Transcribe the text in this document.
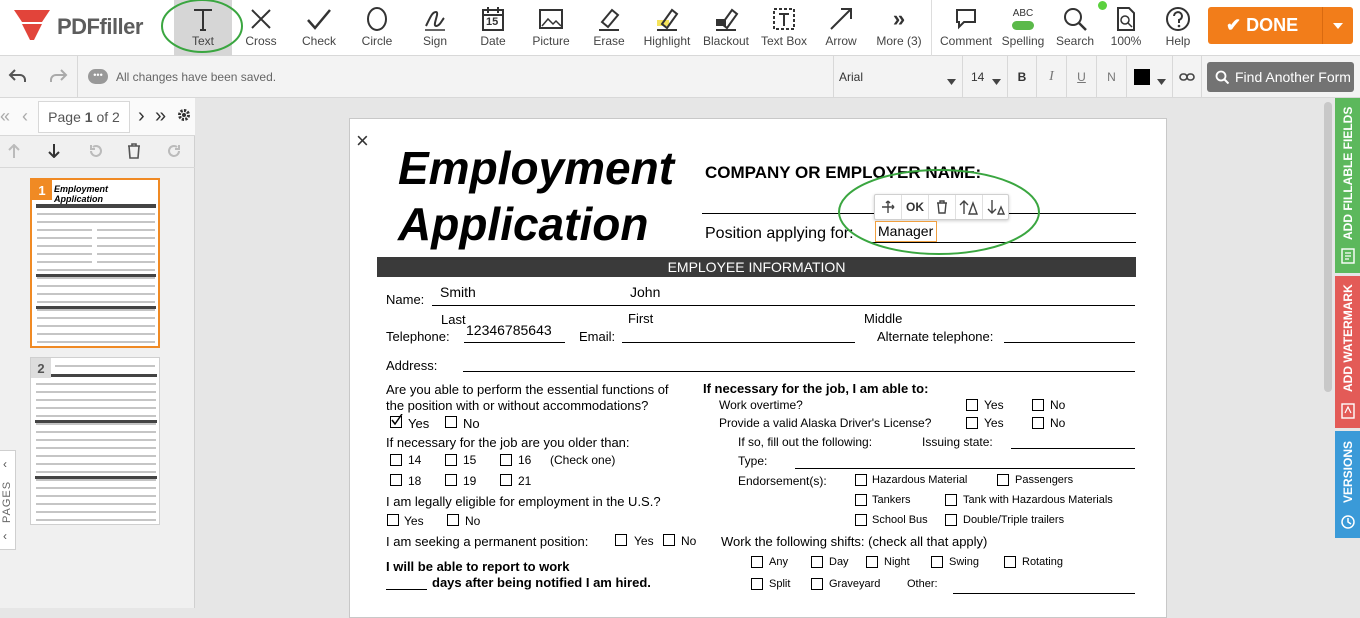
PDFfiller
Text	Cross Check Circle	Sign
15
Date Picture Erase Highlight Blackout Text Box Arrow
»
More (3) Comment
ABC
Spelling Search 100% Help
✔ DONE
•••	All changes have been saved.	Arial	14	B	I	U	N	Find Another Form
« ‹ Page
1
of 2 › »
1 Employment
Application
2
‹
PAGES
‹
×
Employment
Application
COMPANY OR EMPLOYER NAME:
Position applying for:
EMPLOYEE INFORMATION
Name: Smith	John
Last	First	Middle
Telephone: 12346785643 Email:	Alternate telephone:
Address:
Are you able to perform the essential functions of
the position with or without accommodations?
Yes	No
If necessary for the job are you older than:
14	15	16 (Check one)
18	19	21
I am legally eligible for employment in the U.S.?
Yes	No
I am seeking a permanent position:	Yes No
I will be able to report to work
days after being notified I am hired.
If necessary for the job, I am able to:
Work overtime?	Yes	No
Provide a valid Alaska Driver's License?	Yes	No
If so, fill out the following:	Issuing state:
Type:
Endorsement(s):	Hazardous Material	Passengers
Tankers	Tank with Hazardous Materials
School Bus	Double/Triple trailers
Work the following shifts: (check all that apply)
Any	Day	Night	Swing	Rotating
Split	Graveyard Other:
OK
Manager	ADD FILLABLE FIELDS
ADD WATERMARK
VERSIONS
